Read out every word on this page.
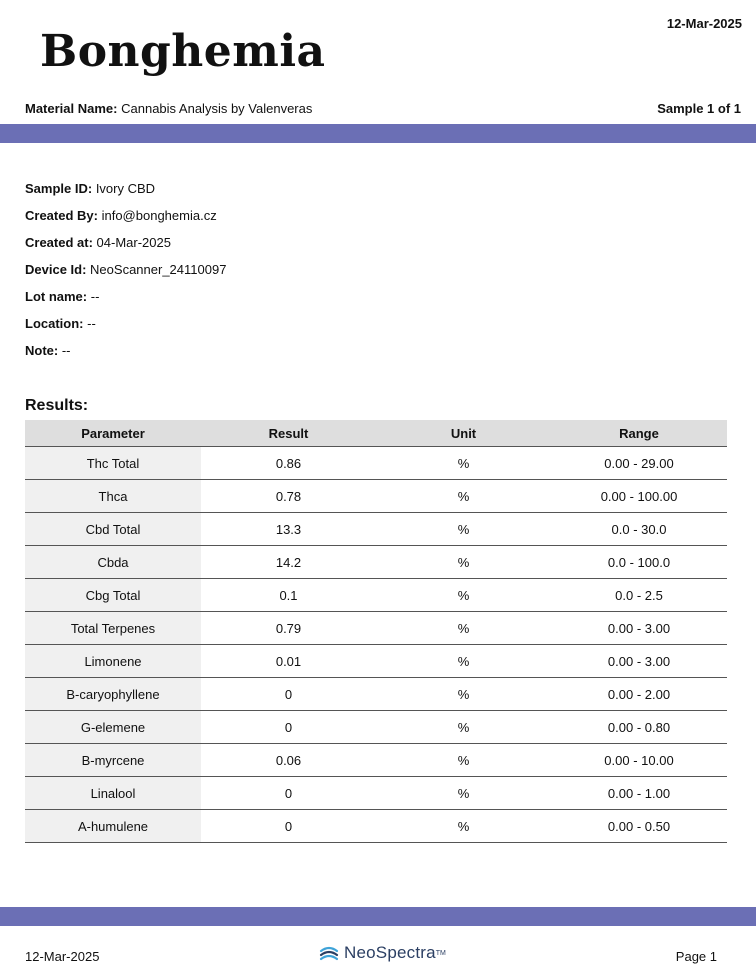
12-Mar-2025
Bonghemia
Material Name: Cannabis Analysis by Valenveras	Sample 1 of 1
Sample ID: Ivory CBD
Created By: info@bonghemia.cz
Created at: 04-Mar-2025
Device Id: NeoScanner_24110097
Lot name: --
Location: --
Note: --
Results:
Parameter	Result	Unit	Range
Thc Total	0.86	%	0.00 - 29.00
Thca	0.78	%	0.00 - 100.00
Cbd Total	13.3	%	0.0 - 30.0
Cbda	14.2	%	0.0 - 100.0
Cbg Total	0.1	%	0.0 - 2.5
Total Terpenes	0.79	%	0.00 - 3.00
Limonene	0.01	%	0.00 - 3.00
B-caryophyllene	0	%	0.00 - 2.00
G-elemene	0	%	0.00 - 0.80
B-myrcene	0.06	%	0.00 - 10.00
Linalool	0	%	0.00 - 1.00
A-humulene	0	%	0.00 - 0.50
12-Mar-2025	NeoSpectra TM	Page 1
